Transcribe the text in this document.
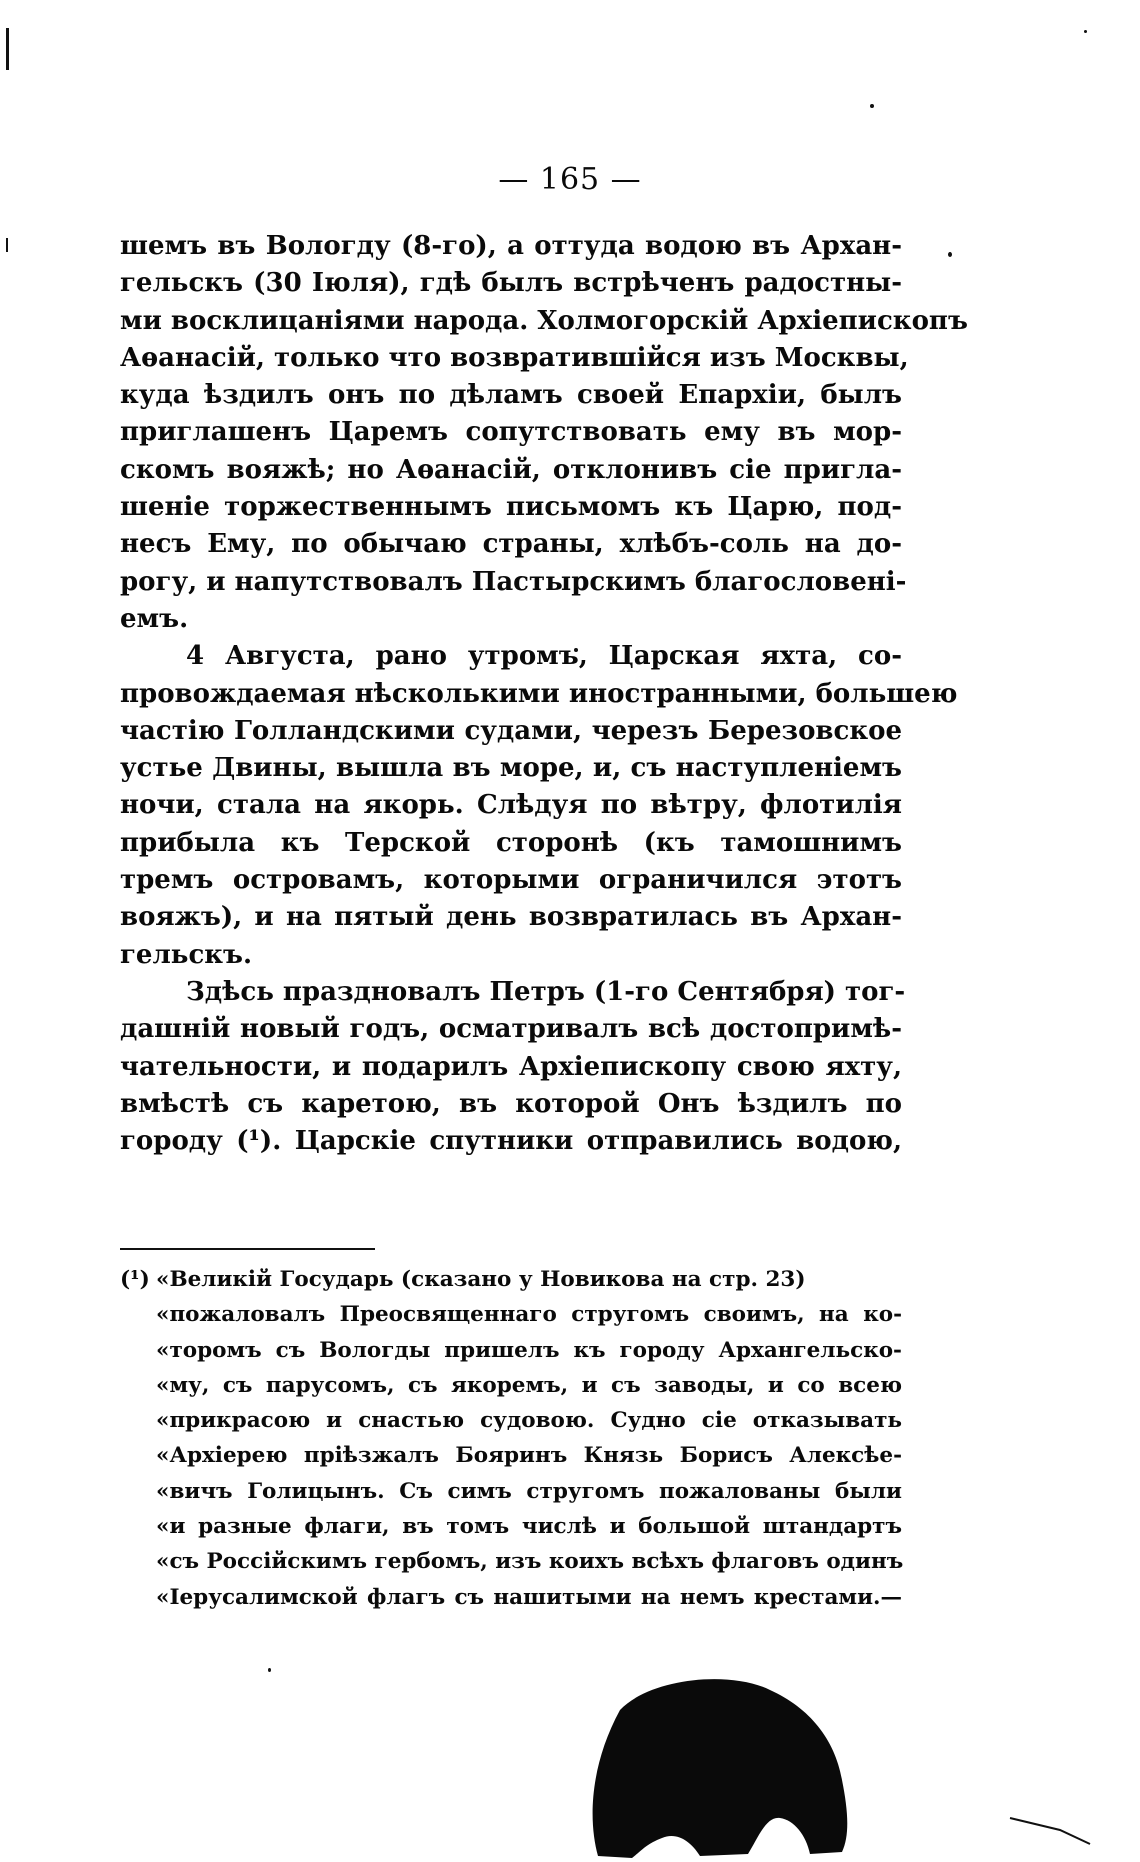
— 165 —
шемъ въ Вологду (8-го), а оттуда водою въ Архан-
гельскъ (30 Іюля), гдѣ былъ встрѣченъ радостны-
ми восклицаніями народа. Холмогорскій Архіепископъ
Аѳанасій, только что возвратившійся изъ Москвы,
куда ѣздилъ онъ по дѣламъ своей Епархіи, былъ
приглашенъ Царемъ сопутствовать ему въ мор-
скомъ вояжѣ; но Аѳанасій, отклонивъ сіе пригла-
шеніе торжественнымъ письмомъ къ Царю, под-
несъ Ему, по обычаю страны, хлѣбъ-соль на до-
рогу, и напутствовалъ Пастырскимъ благословені-
емъ.
4 Августа, рано утромъ, Царская яхта, со-
провождаемая нѣсколькими иностранными, большею
частію Голландскими судами, черезъ Березовское
устье Двины, вышла въ море, и, съ наступленіемъ
ночи, стала на якорь. Слѣдуя по вѣтру, флотилія
прибыла къ Терской сторонѣ (къ тамошнимъ
тремъ островамъ, которыми ограничился этотъ
вояжъ), и на пятый день возвратилась въ Архан-
гельскъ.
Здѣсь праздновалъ Петръ (1-го Сентября) тог-
дашній новый годъ, осматривалъ всѣ достопримѣ-
чательности, и подарилъ Архіепископу свою яхту,
вмѣстѣ съ каретою, въ которой Онъ ѣздилъ по
городу (¹). Царскіе спутники отправились водою,
(¹) «Великій Государь (сказано у Новикова на стр. 23)
«пожаловалъ Преосвященнаго стругомъ своимъ, на ко-
«торомъ съ Вологды пришелъ къ городу Архангельско-
«му, съ парусомъ, съ якоремъ, и съ заводы, и со всею
«прикрасою и снастью судовою. Судно сіе отказывать
«Архіерею пріѣзжалъ Бояринъ Князь Борисъ Алексѣе-
«вичъ Голицынъ. Съ симъ стругомъ пожалованы были
«и разные флаги, въ томъ числѣ и большой штандартъ
«съ Россійскимъ гербомъ, изъ коихъ всѣхъ флаговъ одинъ
«Іерусалимской флагъ съ нашитыми на немъ крестами.—
